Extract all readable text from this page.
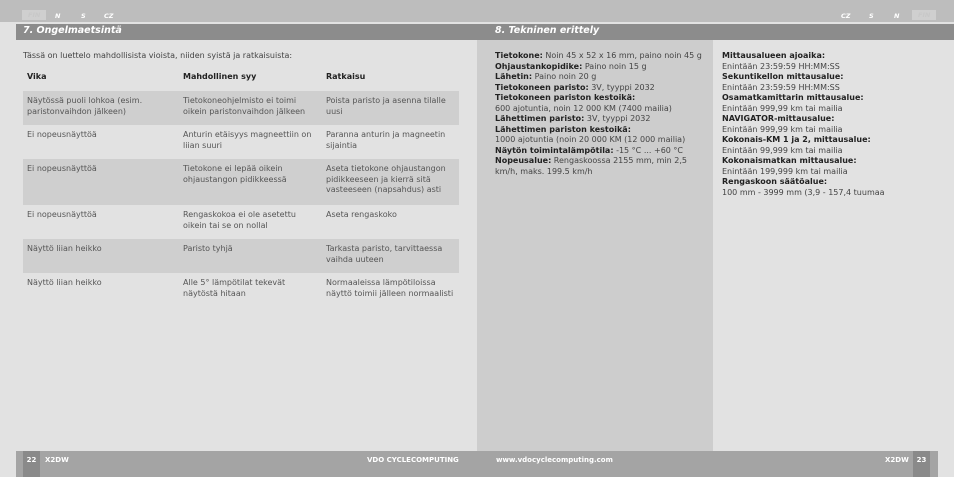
FIN	N	S	CZ	CZ	S	N	FIN
7. Ongelmaetsintä
Tässä on luettelo mahdollisista vioista, niiden syistä ja ratkaisuista:
Vika	Mahdollinen syy	Ratkaisu
Näytössä puoli lohkoa (esim. paristonvaihdon jälkeen)	Tietokoneohjelmisto ei toimi oikein paristonvaihdon jälkeen	Poista paristo ja asenna tilalle uusi
Ei nopeusnäyttöä	Anturin etäisyys magneettiin on liian suuri	Paranna anturin ja magneetin sijaintia
Ei nopeusnäyttöä	Tietokone ei lepää oikein ohjaustangon pidikkeessä	Aseta tietokone ohjaustangon pidikkeeseen ja kierrä sitä vasteeseen (napsahdus) asti
Ei nopeusnäyttöä	Rengaskokoa ei ole asetettu oikein tai se on nollal	Aseta rengaskoko
Näyttö liian heikko	Paristo tyhjä	Tarkasta paristo, tarvittaessa vaihda uuteen
Näyttö liian heikko	Alle 5° lämpötilat tekevät näytöstä hitaan	Normaaleissa lämpötiloissa näyttö toimii jälleen normaalisti
8. Tekninen erittely
Tietokone: Noin 45 x 52 x 16 mm, paino noin 45 g
Ohjaustankopidike: Paino noin 15 g
Lähetin: Paino noin 20 g
Tietokoneen paristo: 3V, tyyppi 2032
Tietokoneen pariston kestoikä:
600 ajotuntia, noin 12 000 KM (7400 mailia)
Lähettimen paristo: 3V, tyyppi 2032
Lähettimen pariston kestoikä:
1000 ajotuntia (noin 20 000 KM (12 000 mailia)
Näytön toimintalämpötila: -15 °C ... +60 °C
Nopeusalue: Rengaskoossa 2155 mm, min 2,5
km/h, maks. 199.5 km/h
Mittausalueen ajoaika:
Enintään 23:59:59 HH:MM:SS
Sekuntikellon mittausalue:
Enintään 23:59:59 HH:MM:SS
Osamatkamittarin mittausalue:
Enintään 999,99 km tai mailia
NAVIGATOR-mittausalue:
Enintään 999,99 km tai mailia
Kokonais-KM 1 ja 2, mittausalue:
Enintään 99,999 km tai mailia
Kokonaismatkan mittausalue:
Enintään 199,999 km tai mailia
Rengaskoon säätöalue:
100 mm - 3999 mm (3,9 - 157,4 tuumaa
22	X2DW	VDO CYCLECOMPUTING	www.vdocyclecomputing.com	X2DW	23
